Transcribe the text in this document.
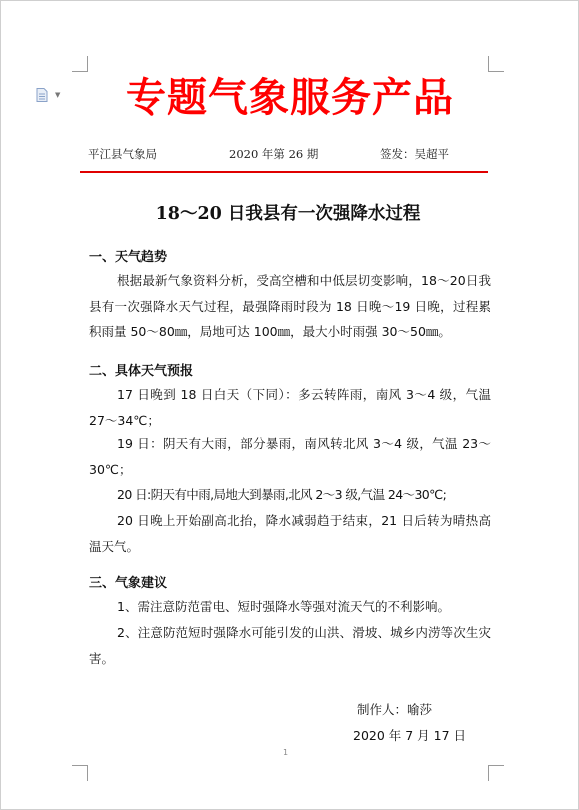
▼	专题气象服务产品
平江县气象局	2020 年第 26 期	签发：吴超平
18～20 日我县有一次强降水过程
一、天气趋势
根据最新气象资料分析，受高空槽和中低层切变影响，18～20日我县有一次强降水天气过程，最强降雨时段为 18 日晚～19 日晚，过程累积雨量 50～80㎜，局地可达 100㎜，最大小时雨强 30～50㎜。
二、具体天气预报
17 日晚到 18 日白天（下同）：多云转阵雨，南风 3～4 级，气温 27～34℃；
19 日：阴天有大雨，部分暴雨，南风转北风 3～4 级，气温 23～30℃；
20 日:阴天有中雨,局地大到暴雨,北风 2～3 级,气温 24～30℃;
20 日晚上开始副高北抬，降水减弱趋于结束，21 日后转为晴热高温天气。
三、气象建议
1、需注意防范雷电、短时强降水等强对流天气的不利影响。
2、注意防范短时强降水可能引发的山洪、滑坡、城乡内涝等次生灾害。
制作人：喻莎
2020 年 7 月 17 日
1
